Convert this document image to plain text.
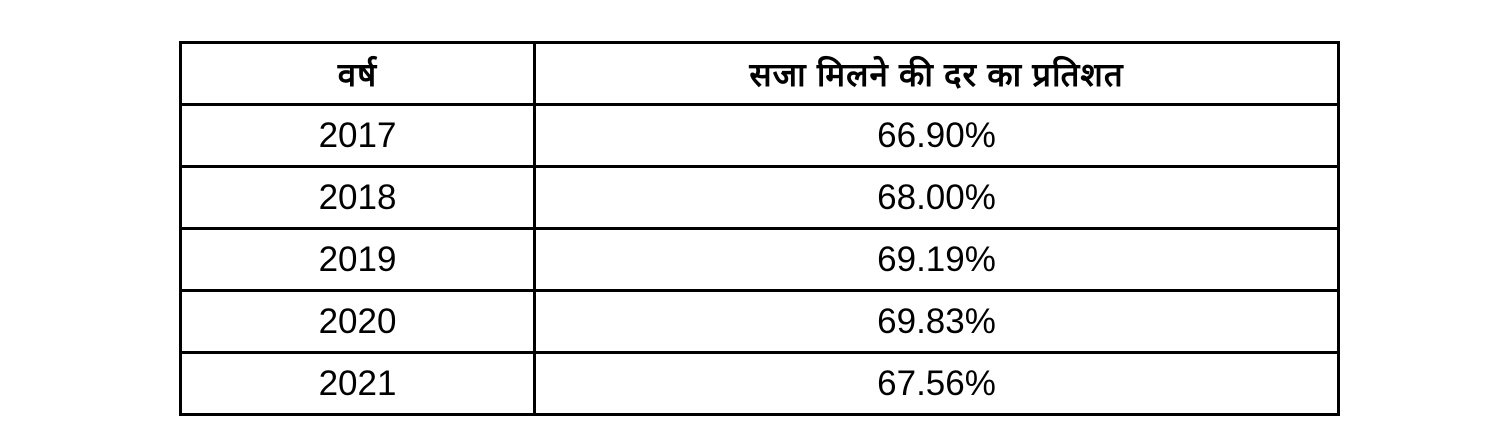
वर्ष	सजा मिलने की दर का प्रतिशत
2017	66.90%
2018	68.00%
2019	69.19%
2020	69.83%
2021	67.56%
